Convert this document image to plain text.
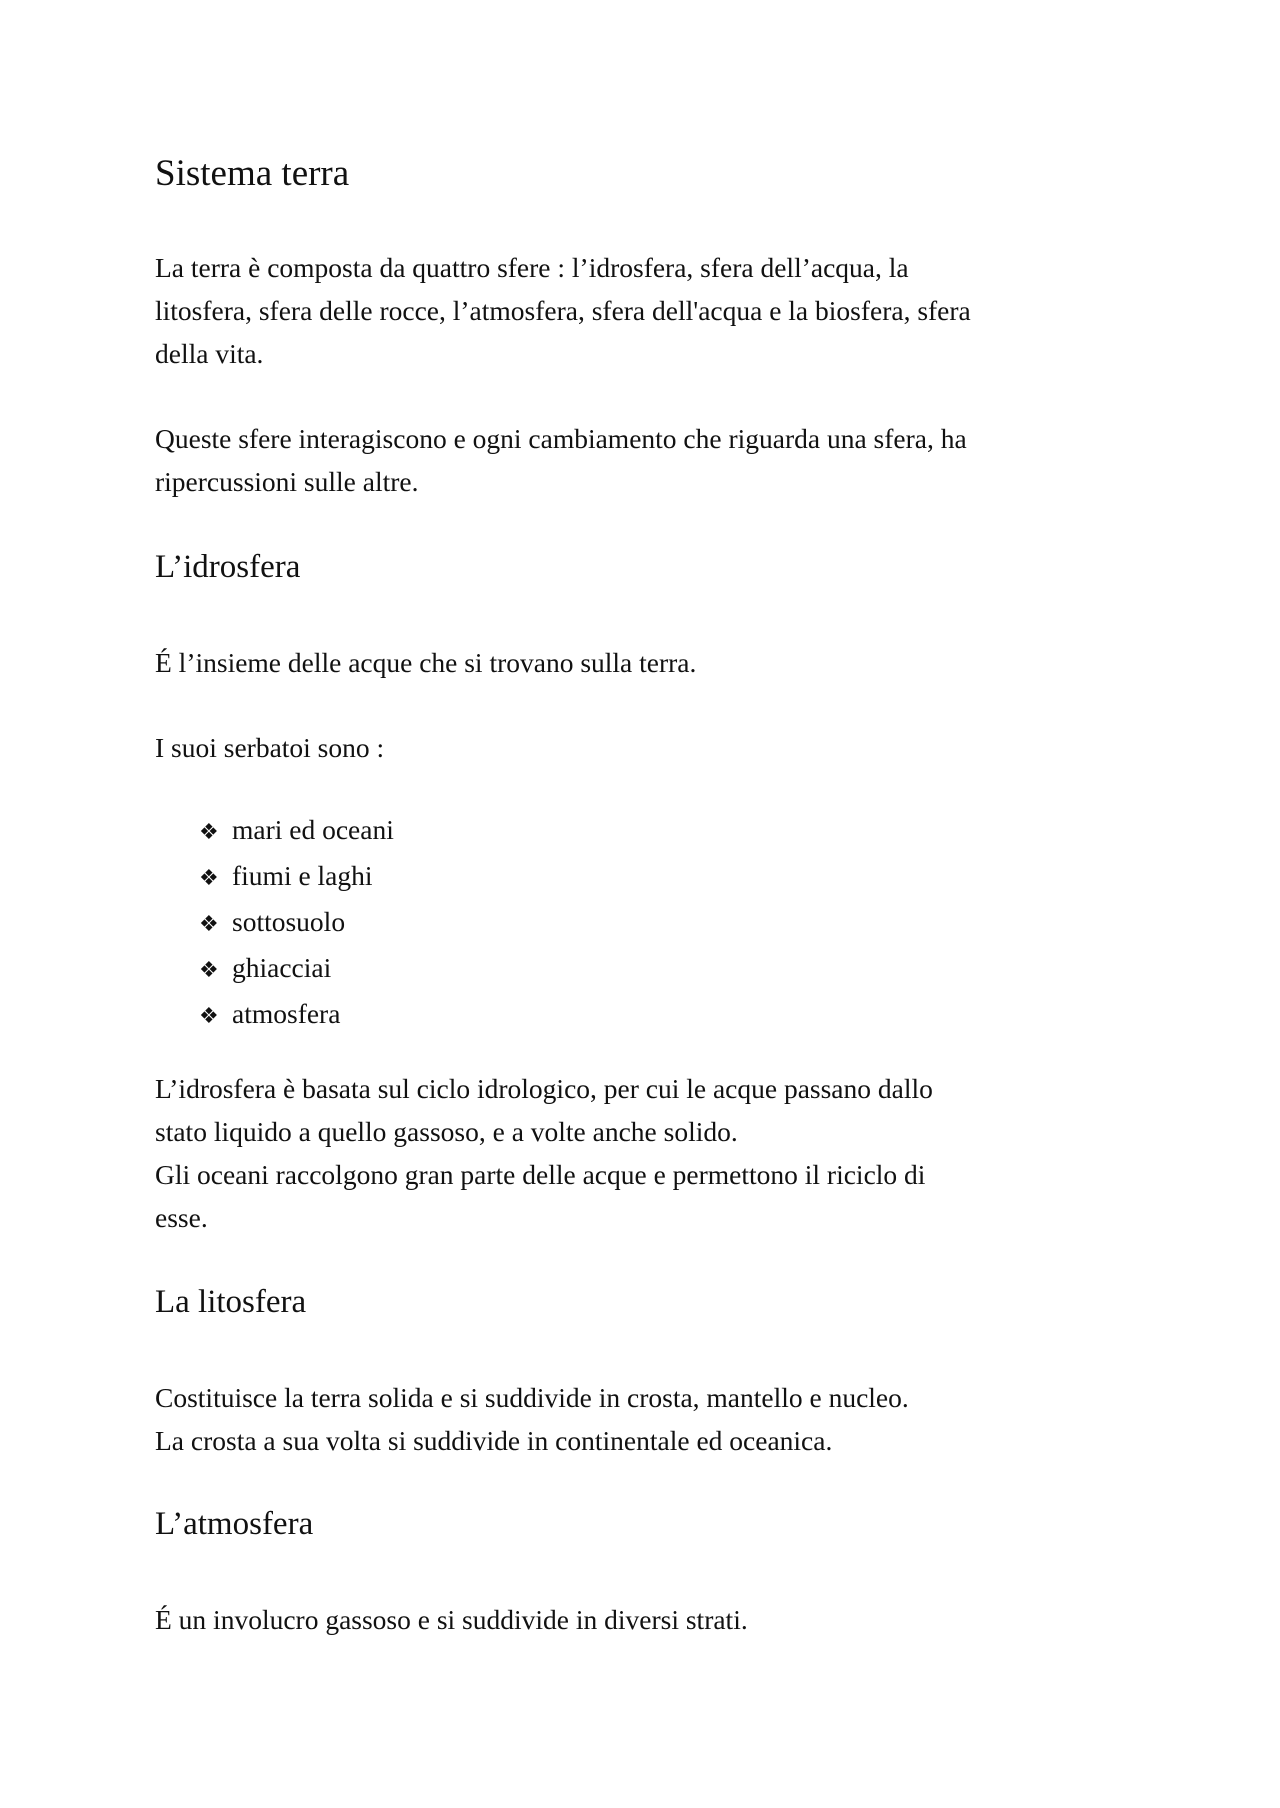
Sistema terra

La terra è composta da quattro sfere : l’idrosfera, sfera dell’acqua, la
litosfera, sfera delle rocce, l’atmosfera, sfera dell'acqua e la biosfera, sfera
della vita.

Queste sfere interagiscono e ogni cambiamento che riguarda una sfera, ha
ripercussioni sulle altre.

L’idrosfera

É l’insieme delle acque che si trovano sulla terra.

I suoi serbatoi sono :

❖ mari ed oceani
❖ fiumi e laghi
❖ sottosuolo
❖ ghiacciai
❖ atmosfera

L’idrosfera è basata sul ciclo idrologico, per cui le acque passano dallo
stato liquido a quello gassoso, e a volte anche solido.
Gli oceani raccolgono gran parte delle acque e permettono il riciclo di
esse.

La litosfera

Costituisce la terra solida e si suddivide in crosta, mantello e nucleo.
La crosta a sua volta si suddivide in continentale ed oceanica.

L’atmosfera

É un involucro gassoso e si suddivide in diversi strati.
